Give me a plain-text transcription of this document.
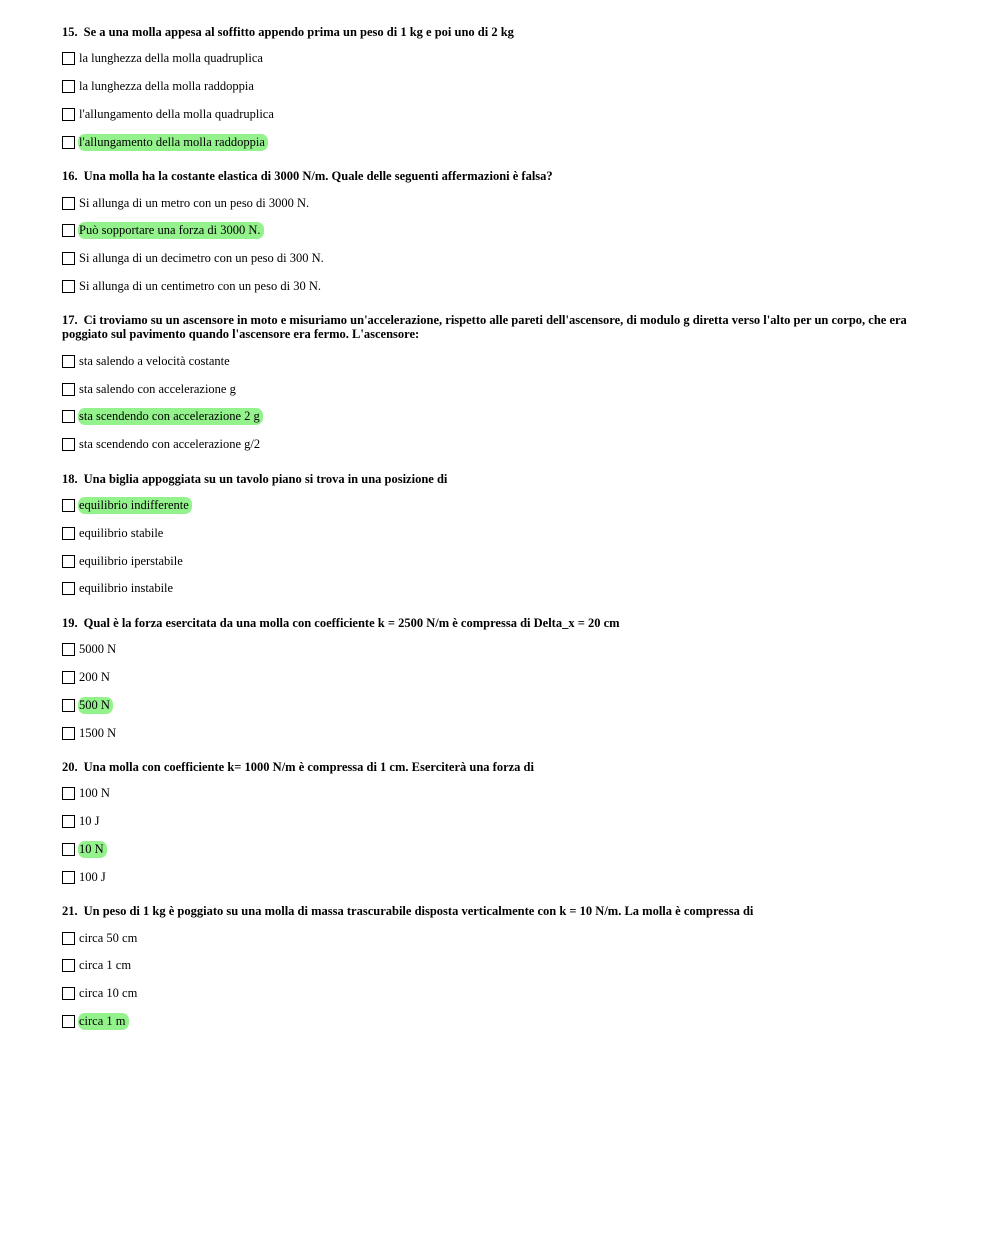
15. Se a una molla appesa al soffitto appendo prima un peso di 1 kg e poi uno di 2 kg
la lunghezza della molla quadruplica
la lunghezza della molla raddoppia
l'allungamento della molla quadruplica
l'allungamento della molla raddoppia
16. Una molla ha la costante elastica di 3000 N/m. Quale delle seguenti affermazioni è falsa?
Si allunga di un metro con un peso di 3000 N.
Può sopportare una forza di 3000 N.
Si allunga di un decimetro con un peso di 300 N.
Si allunga di un centimetro con un peso di 30 N.
17. Ci troviamo su un ascensore in moto e misuriamo un'accelerazione, rispetto alle pareti dell'ascensore, di modulo g diretta verso l'alto per un corpo, che era poggiato sul pavimento quando l'ascensore era fermo. L'ascensore:
sta salendo a velocità costante
sta salendo con accelerazione g
sta scendendo con accelerazione 2 g
sta scendendo con accelerazione g/2
18. Una biglia appoggiata su un tavolo piano si trova in una posizione di
equilibrio indifferente
equilibrio stabile
equilibrio iperstabile
equilibrio instabile
19. Qual è la forza esercitata da una molla con coefficiente k = 2500 N/m è compressa di Delta_x = 20 cm
5000 N
200 N
500 N
1500 N
20. Una molla con coefficiente k= 1000 N/m è compressa di 1 cm. Eserciterà una forza di
100 N
10 J
10 N
100 J
21. Un peso di 1 kg è poggiato su una molla di massa trascurabile disposta verticalmente con k = 10 N/m. La molla è compressa di
circa 50 cm
circa 1 cm
circa 10 cm
circa 1 m
